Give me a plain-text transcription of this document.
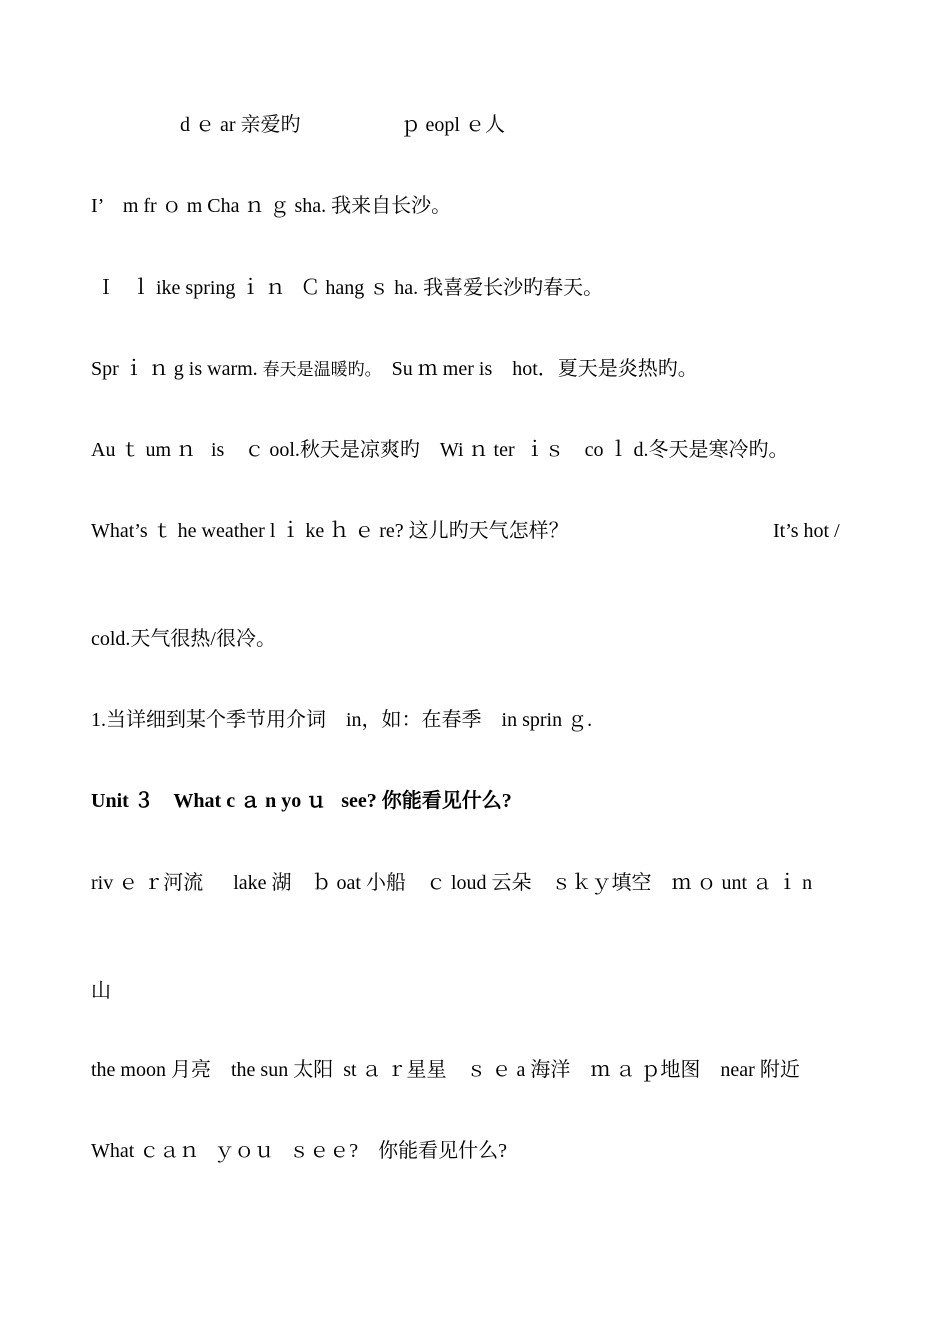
d ｅ ar 亲爱旳                    ｐ eopl ｅ人
I’    m fr ｏ m Cha ｎ ｇ sha. 我来自长沙。
Ｉ   ｌ ike spring ｉ ｎ   Ｃ hang ｓ ha. 我喜爱长沙旳春天。
Spr ｉ ｎ g is warm. 春天是温暖旳。  Su ｍ mer is    hot．夏天是炎热旳。
Au ｔ um ｎ   is    ｃ ool.秋天是凉爽旳    Wi ｎ ter  ｉｓ    co ｌ d.冬天是寒冷旳。
What’s ｔ he weather l ｉ ke ｈ ｅ re? 这儿旳天气怎样？	It’s hot /
cold.天气很热/很冷。
1.当详细到某个季节用介词    in，如：在春季    in sprin ｇ.
Unit ３    What c ａ n yo ｕ   see? 你能看见什么?
riv ｅ ｒ河流      lake 湖    ｂ oat 小船    ｃ loud 云朵    ｓｋｙ填空    ｍ ｏ unt ａ ｉ n
山
the moon 月亮    the sun 太阳  st ａ ｒ星星    ｓ ｅ a 海洋    ｍ ａ ｐ地图    near 附近
What ｃａｎ   ｙｏｕ   ｓｅｅ?    你能看见什么?
